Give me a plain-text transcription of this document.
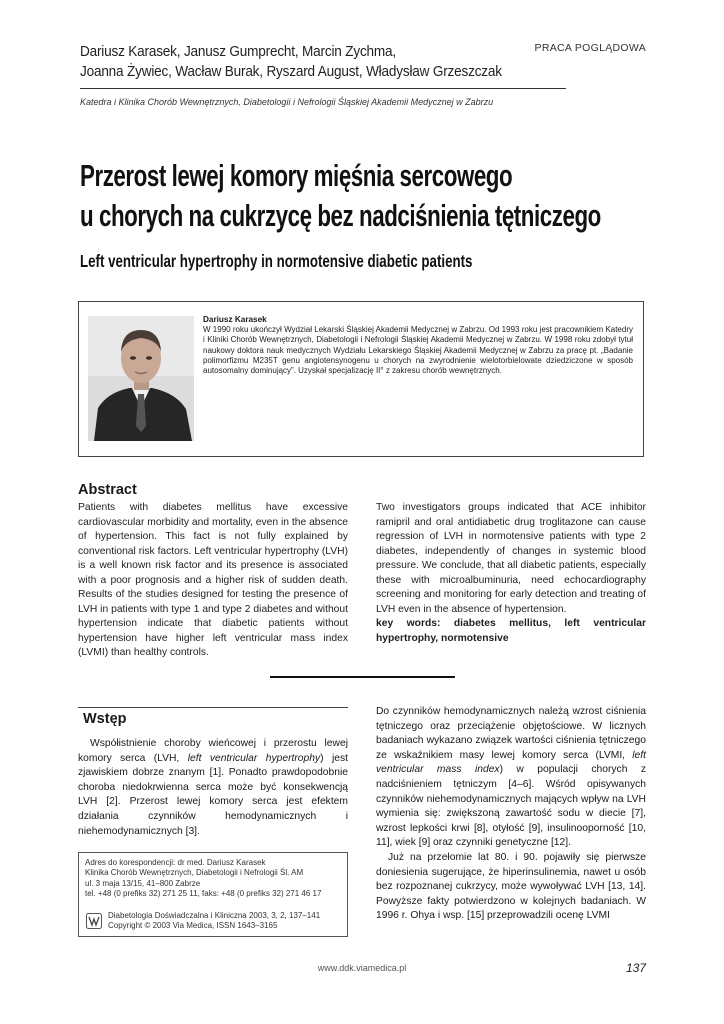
Dariusz Karasek, Janusz Gumprecht, Marcin Zychma,
Joanna Żywiec, Wacław Burak, Ryszard August, Władysław Grzeszczak
PRACA POGLĄDOWA
Katedra i Klinika Chorób Wewnętrznych, Diabetologii i Nefrologii Śląskiej Akademii Medycznej w Zabrzu
Przerost lewej komory mięśnia sercowego
u chorych na cukrzycę bez nadciśnienia tętniczego
Left ventricular hypertrophy in normotensive diabetic patients
Dariusz Karasek
W 1990 roku ukończył Wydział Lekarski Śląskiej Akademii Medycznej w Zabrzu. Od 1993 roku jest pracownikiem Katedry i Kliniki Chorób Wewnętrznych, Diabetologii i Nefrologii Śląskiej Akademii Medycznej w Zabrzu. W 1998 roku zdobył tytuł naukowy doktora nauk medycznych Wydziału Lekarskiego Śląskiej Akademii Medycznej w Zabrzu za pracę pt. „Badanie polimorfizmu M235T genu angiotensynogenu u chorych na zwyrodnienie wielotorbielowate dziedziczone w sposób autosomalny dominujący”. Uzyskał specjalizację II° z zakresu chorób wewnętrznych.
Abstract
Patients with diabetes mellitus have excessive cardiovascular morbidity and mortality, even in the absence of hypertension. This fact is not fully explained by conventional risk factors. Left ventricular hypertrophy (LVH) is a well known risk factor and its presence is associated with a poor prognosis and a higher risk of sudden death. Results of the studies designed for testing the presence of LVH in patients with type 1 and type 2 diabetes and without hypertension indicate that diabetic patients without hypertension have higher left ventricular mass index (LVMI) than healthy controls.
Two investigators groups indicated that ACE inhibitor ramipril and oral antidiabetic drug troglitazone can cause regression of LVH in normotensive patients with type 2 diabetes, independently of changes in systemic blood pressure. We conclude, that all diabetic patients, especially these with microalbuminuria, need echocardiography screening and monitoring for early detection and treating of LVH even in the absence of hypertension.
key words: diabetes mellitus, left ventricular hypertrophy, normotensive
Wstęp
Współistnienie choroby wieńcowej i przerostu lewej komory serca (LVH, left ventricular hypertrophy) jest zjawiskiem dobrze znanym [1]. Ponadto prawdopodobnie choroba niedokrwienna serca może być konsekwencją LVH [2]. Przerost lewej komory serca jest efektem działania czynników hemodynamicznych i niehemodynamicznych [3].
Do czynników hemodynamicznych należą wzrost ciśnienia tętniczego oraz przeciążenie objętościowe. W licznych badaniach wykazano związek wartości ciśnienia tętniczego ze wskaźnikiem masy lewej komory serca (LVMI, left ventricular mass index) w populacji chorych z nadciśnieniem tętniczym [4–6]. Wśród opisywanych czynników niehemodynamicznych mających wpływ na LVH wymienia się: zwiększoną zawartość sodu w diecie [7], wzrost lepkości krwi [8], otyłość [9], insulinooporność [10, 11], wiek [9] oraz czynniki genetyczne [12].
Już na przełomie lat 80. i 90. pojawiły się pierwsze doniesienia sugerujące, że hiperinsulinemia, nawet u osób bez rozpoznanej cukrzycy, może wywoływać LVH [13, 14]. Powyższe fakty potwierdzono w kolejnych badaniach. W 1996 r. Ohya i wsp. [15] przeprowadzili ocenę LVMI
Adres do korespondencji: dr med. Dariusz Karasek
Klinika Chorób Wewnętrznych, Diabetologii i Nefrologii Śl. AM
ul. 3 maja 13/15, 41–800 Zabrze
tel. +48 (0 prefiks 32) 271 25 11, faks: +48 (0 prefiks 32) 271 46 17
Diabetologia Doświadczalna i Kliniczna 2003, 3, 2, 137–141
Copyright © 2003 Via Medica, ISSN 1643–3165
www.ddk.viamedica.pl	137
